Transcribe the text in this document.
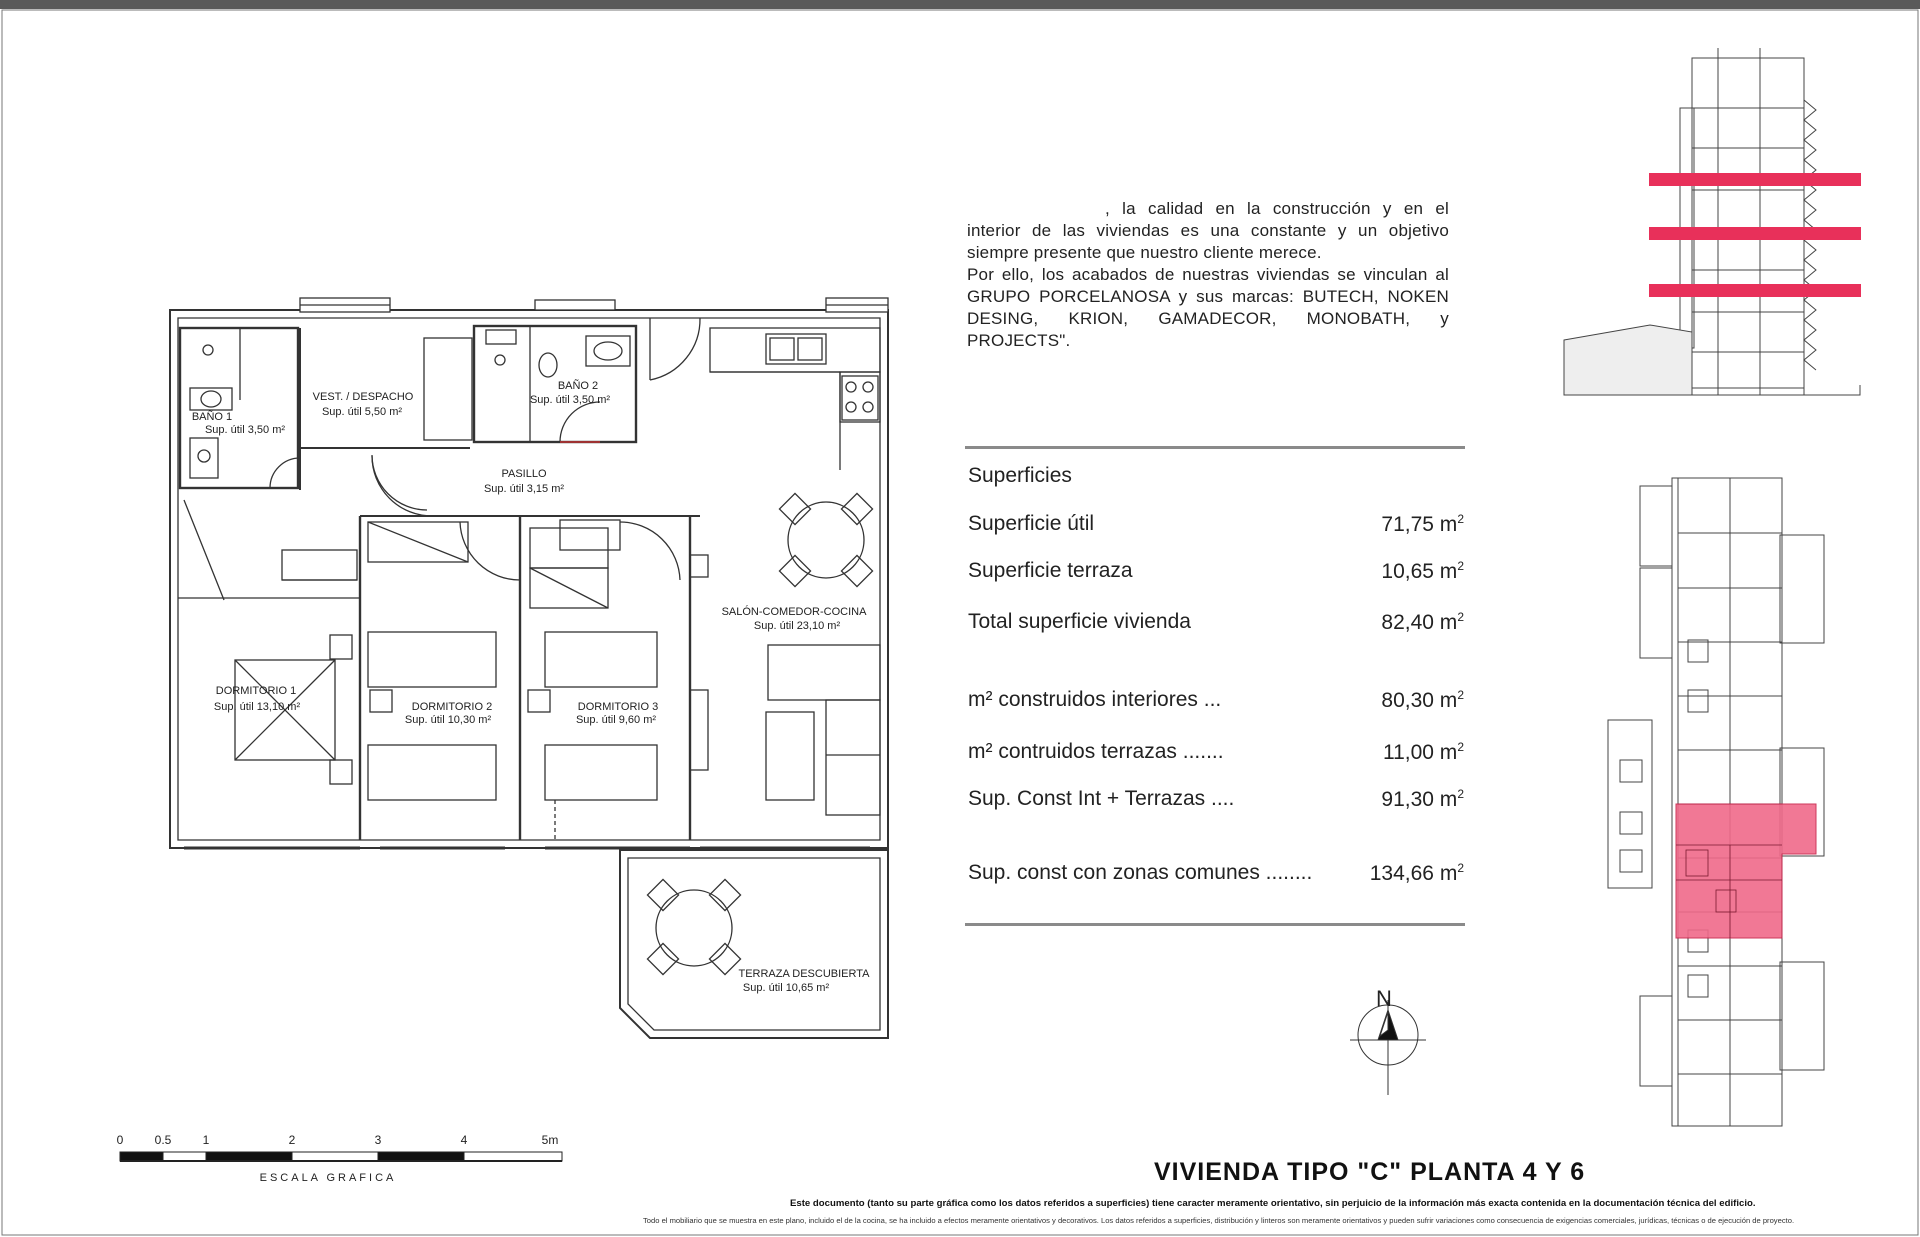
BAÑO 1
Sup. útil 3,50 m²
VEST. / DESPACHO
Sup. útil 5,50 m²
BAÑO 2
Sup. útil 3,50 m²
PASILLO
Sup. útil 3,15 m²
SALÓN-COMEDOR-COCINA
Sup. útil 23,10 m²
DORMITORIO 1
Sup. útil 13,10 m²	DORMITORIO 2
Sup. útil 10,30 m²
DORMITORIO 3
Sup. útil 9,60 m²
TERRAZA DESCUBIERTA
Sup. útil 10,65 m²
0	0.5	1	2	3	4	5m
ESCALA GRAFICA
N

, la calidad en la construcción y en el interior de las viviendas es una constante y un objetivo siempre presente que nuestro cliente merece.

Por ello, los acabados de nuestras viviendas se vinculan al GRUPO PORCELANOSA y sus marcas: BUTECH, NOKEN DESING, KRION, GAMADECOR, MONOBATH, y PROJECTS".

Superficies
Superficie útil	71,75 $m^2$
Superficie terraza	10,65 $m^2$
Total superficie vivienda	82,40 $m^2$
m² construidos interiores ...	80,30 $m^2$
m² contruidos terrazas .......	11,00 $m^2$
Sup. Const Int + Terrazas ....	91,30 $m^2$
Sup. const con zonas comunes ........	134,66 $m^2$
VIVIENDA TIPO "C" PLANTA 4 Y 6
Este documento (tanto su parte gráfica como los datos referidos a superficies) tiene caracter meramente orientativo, sin perjuicio de la información más exacta contenida en la documentación técnica del edificio.
Todo el mobiliario que se muestra en este plano, incluido el de la cocina, se ha incluido a efectos meramente orientativos y decorativos. Los datos referidos a superficies, distribución y linteros son meramente orientativos y pueden sufrir variaciones como consecuencia de exigencias comerciales, jurídicas, técnicas o de ejecución de proyecto.
